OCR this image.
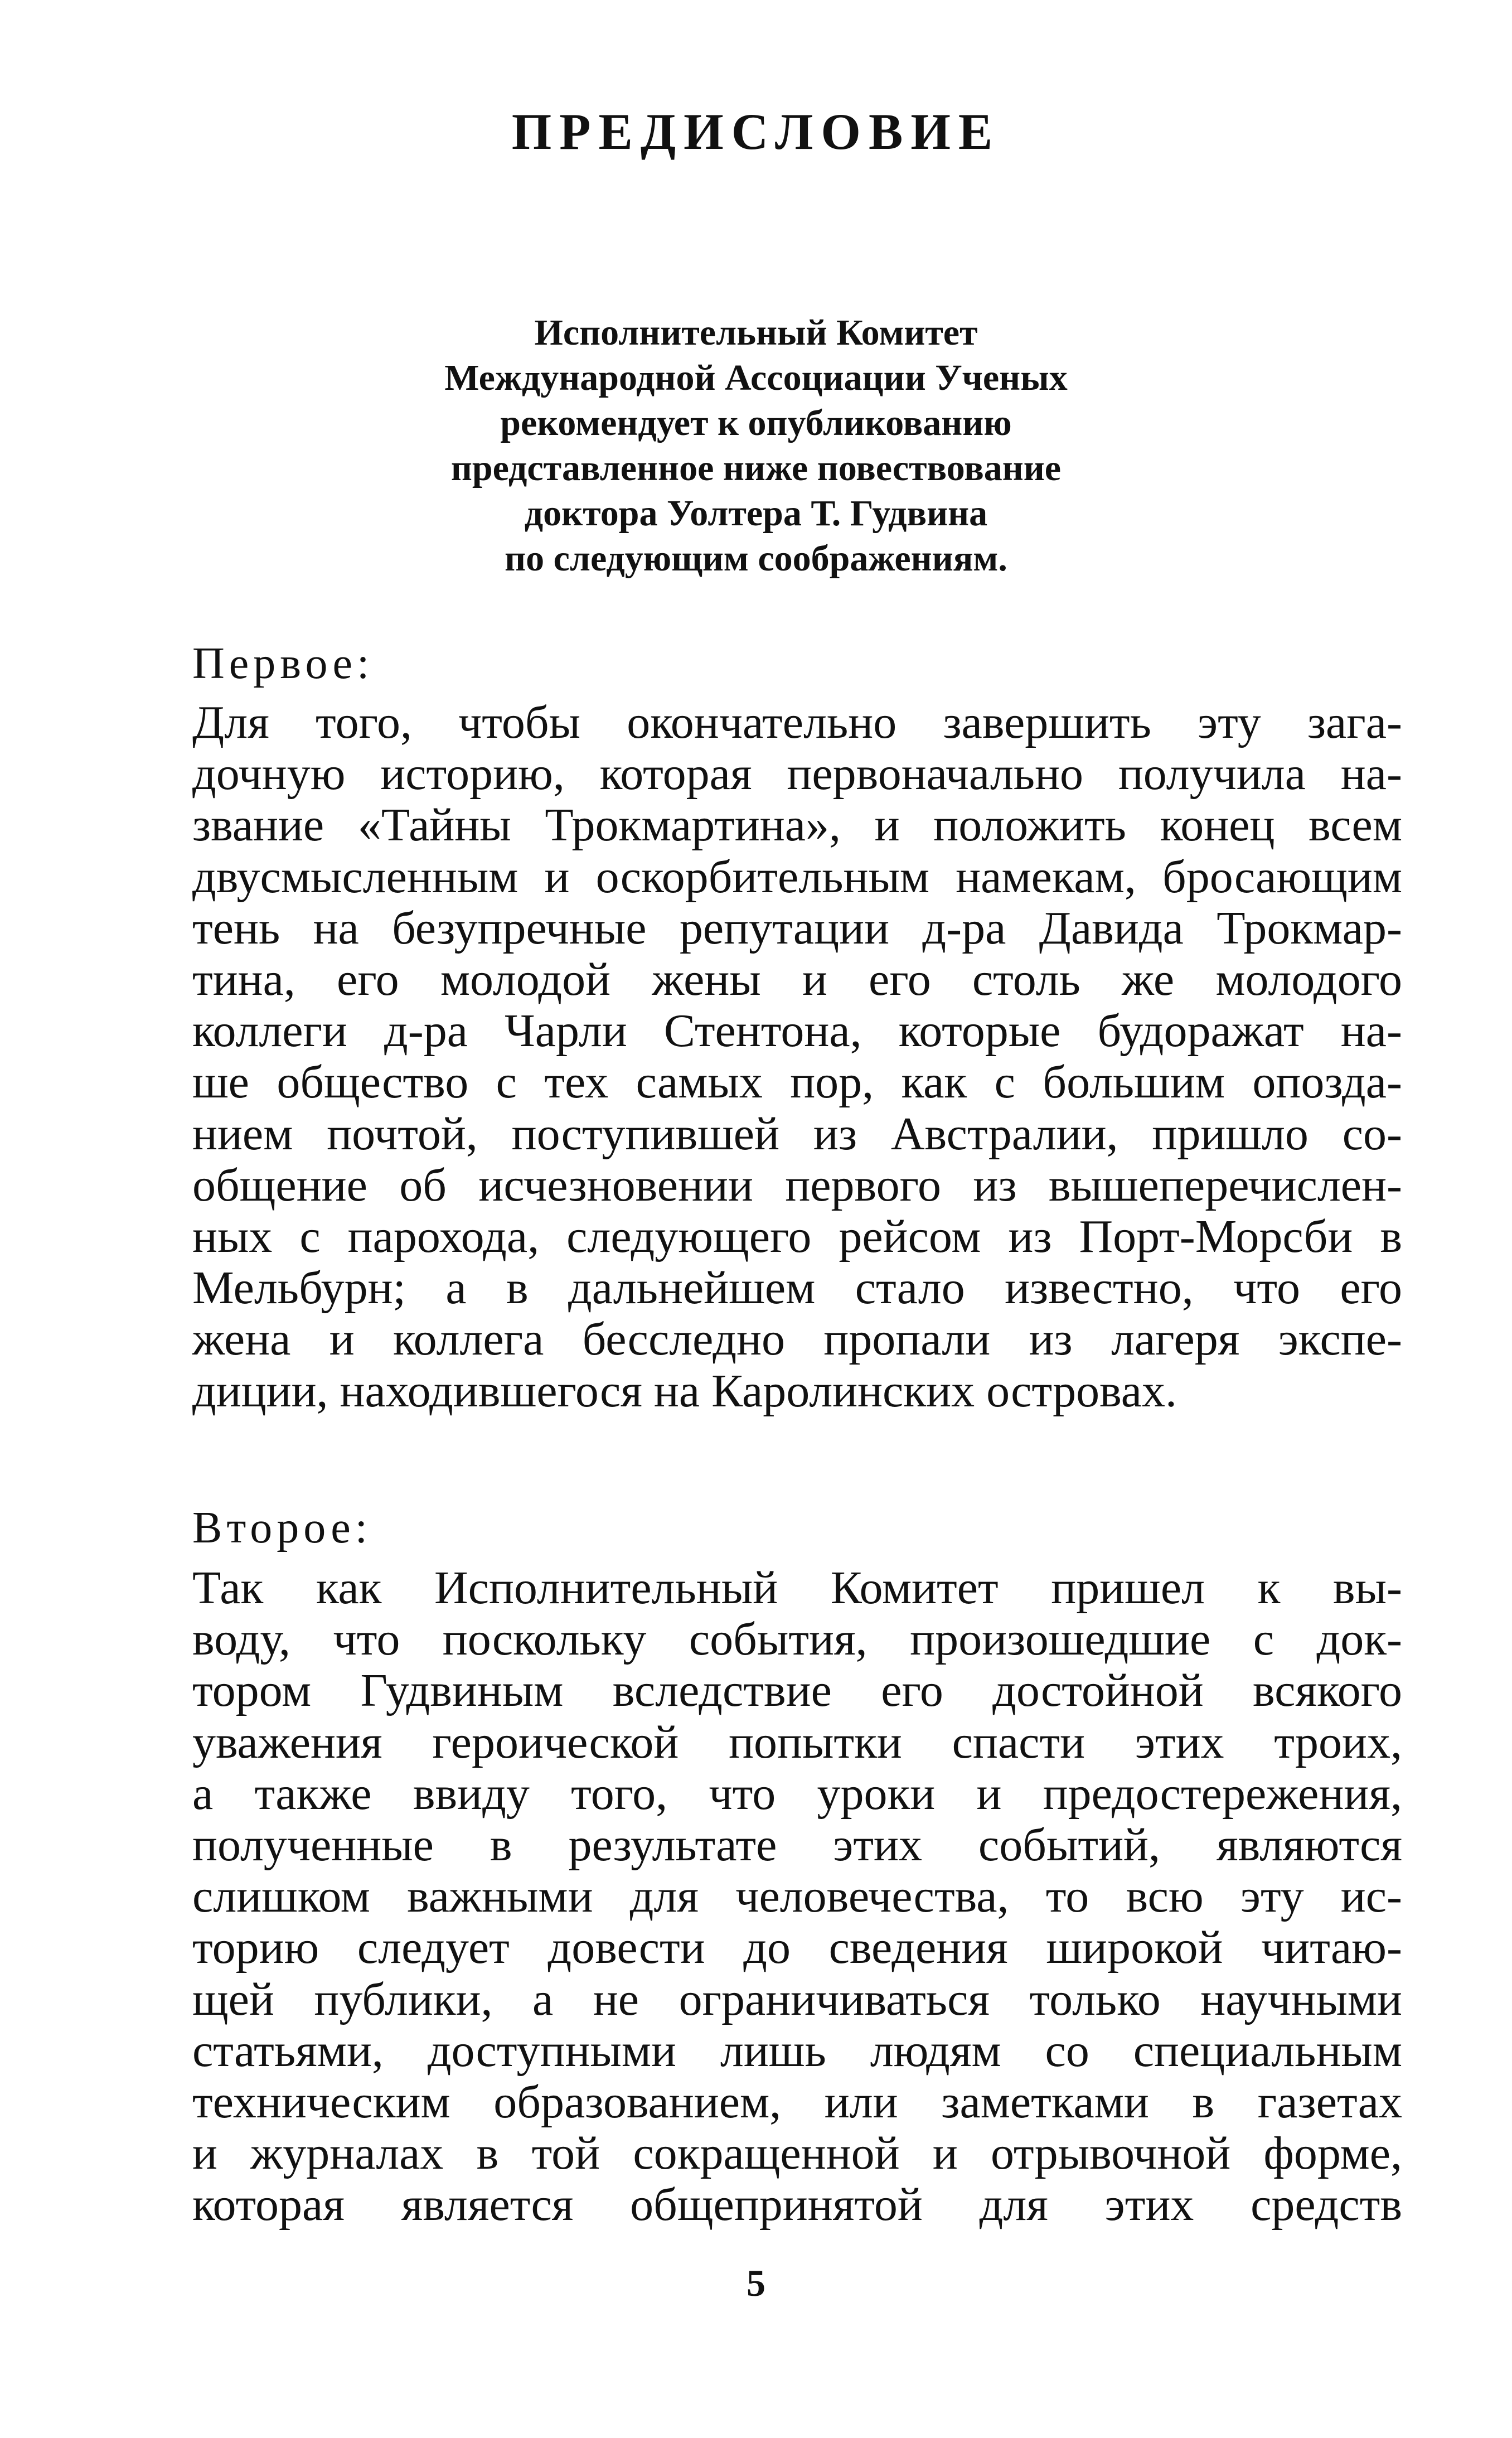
ПРЕДИСЛОВИЕ
Исполнительный Комитет
Международной Ассоциации Ученых
рекомендует к опубликованию
представленное ниже повествование
доктора Уолтера Т. Гудвина
по следующим соображениям.
Первое:
Для того, чтобы окончательно завершить эту зага-
дочную историю, которая первоначально получила на-
звание «Тайны Трокмартина», и положить конец всем
двусмысленным и оскорбительным намекам, бросающим
тень на безупречные репутации д-ра Давида Трокмар-
тина, его молодой жены и его столь же молодого
коллеги д-ра Чарли Стентона, которые будоражат на-
ше общество с тех самых пор, как с большим опозда-
нием почтой, поступившей из Австралии, пришло со-
общение об исчезновении первого из вышеперечислен-
ных с парохода, следующего рейсом из Порт-Морсби в
Мельбурн; а в дальнейшем стало известно, что его
жена и коллега бесследно пропали из лагеря экспе-
диции, находившегося на Каролинских островах.
Второе:
Так как Исполнительный Комитет пришел к вы-
воду, что поскольку события, произошедшие с док-
тором Гудвиным вследствие его достойной всякого
уважения героической попытки спасти этих троих,
а также ввиду того, что уроки и предостережения,
полученные в результате этих событий, являются
слишком важными для человечества, то всю эту ис-
торию следует довести до сведения широкой читаю-
щей публики, а не ограничиваться только научными
статьями, доступными лишь людям со специальным
техническим образованием, или заметками в газетах
и журналах в той сокращенной и отрывочной форме,
которая является общепринятой для этих средств
5
